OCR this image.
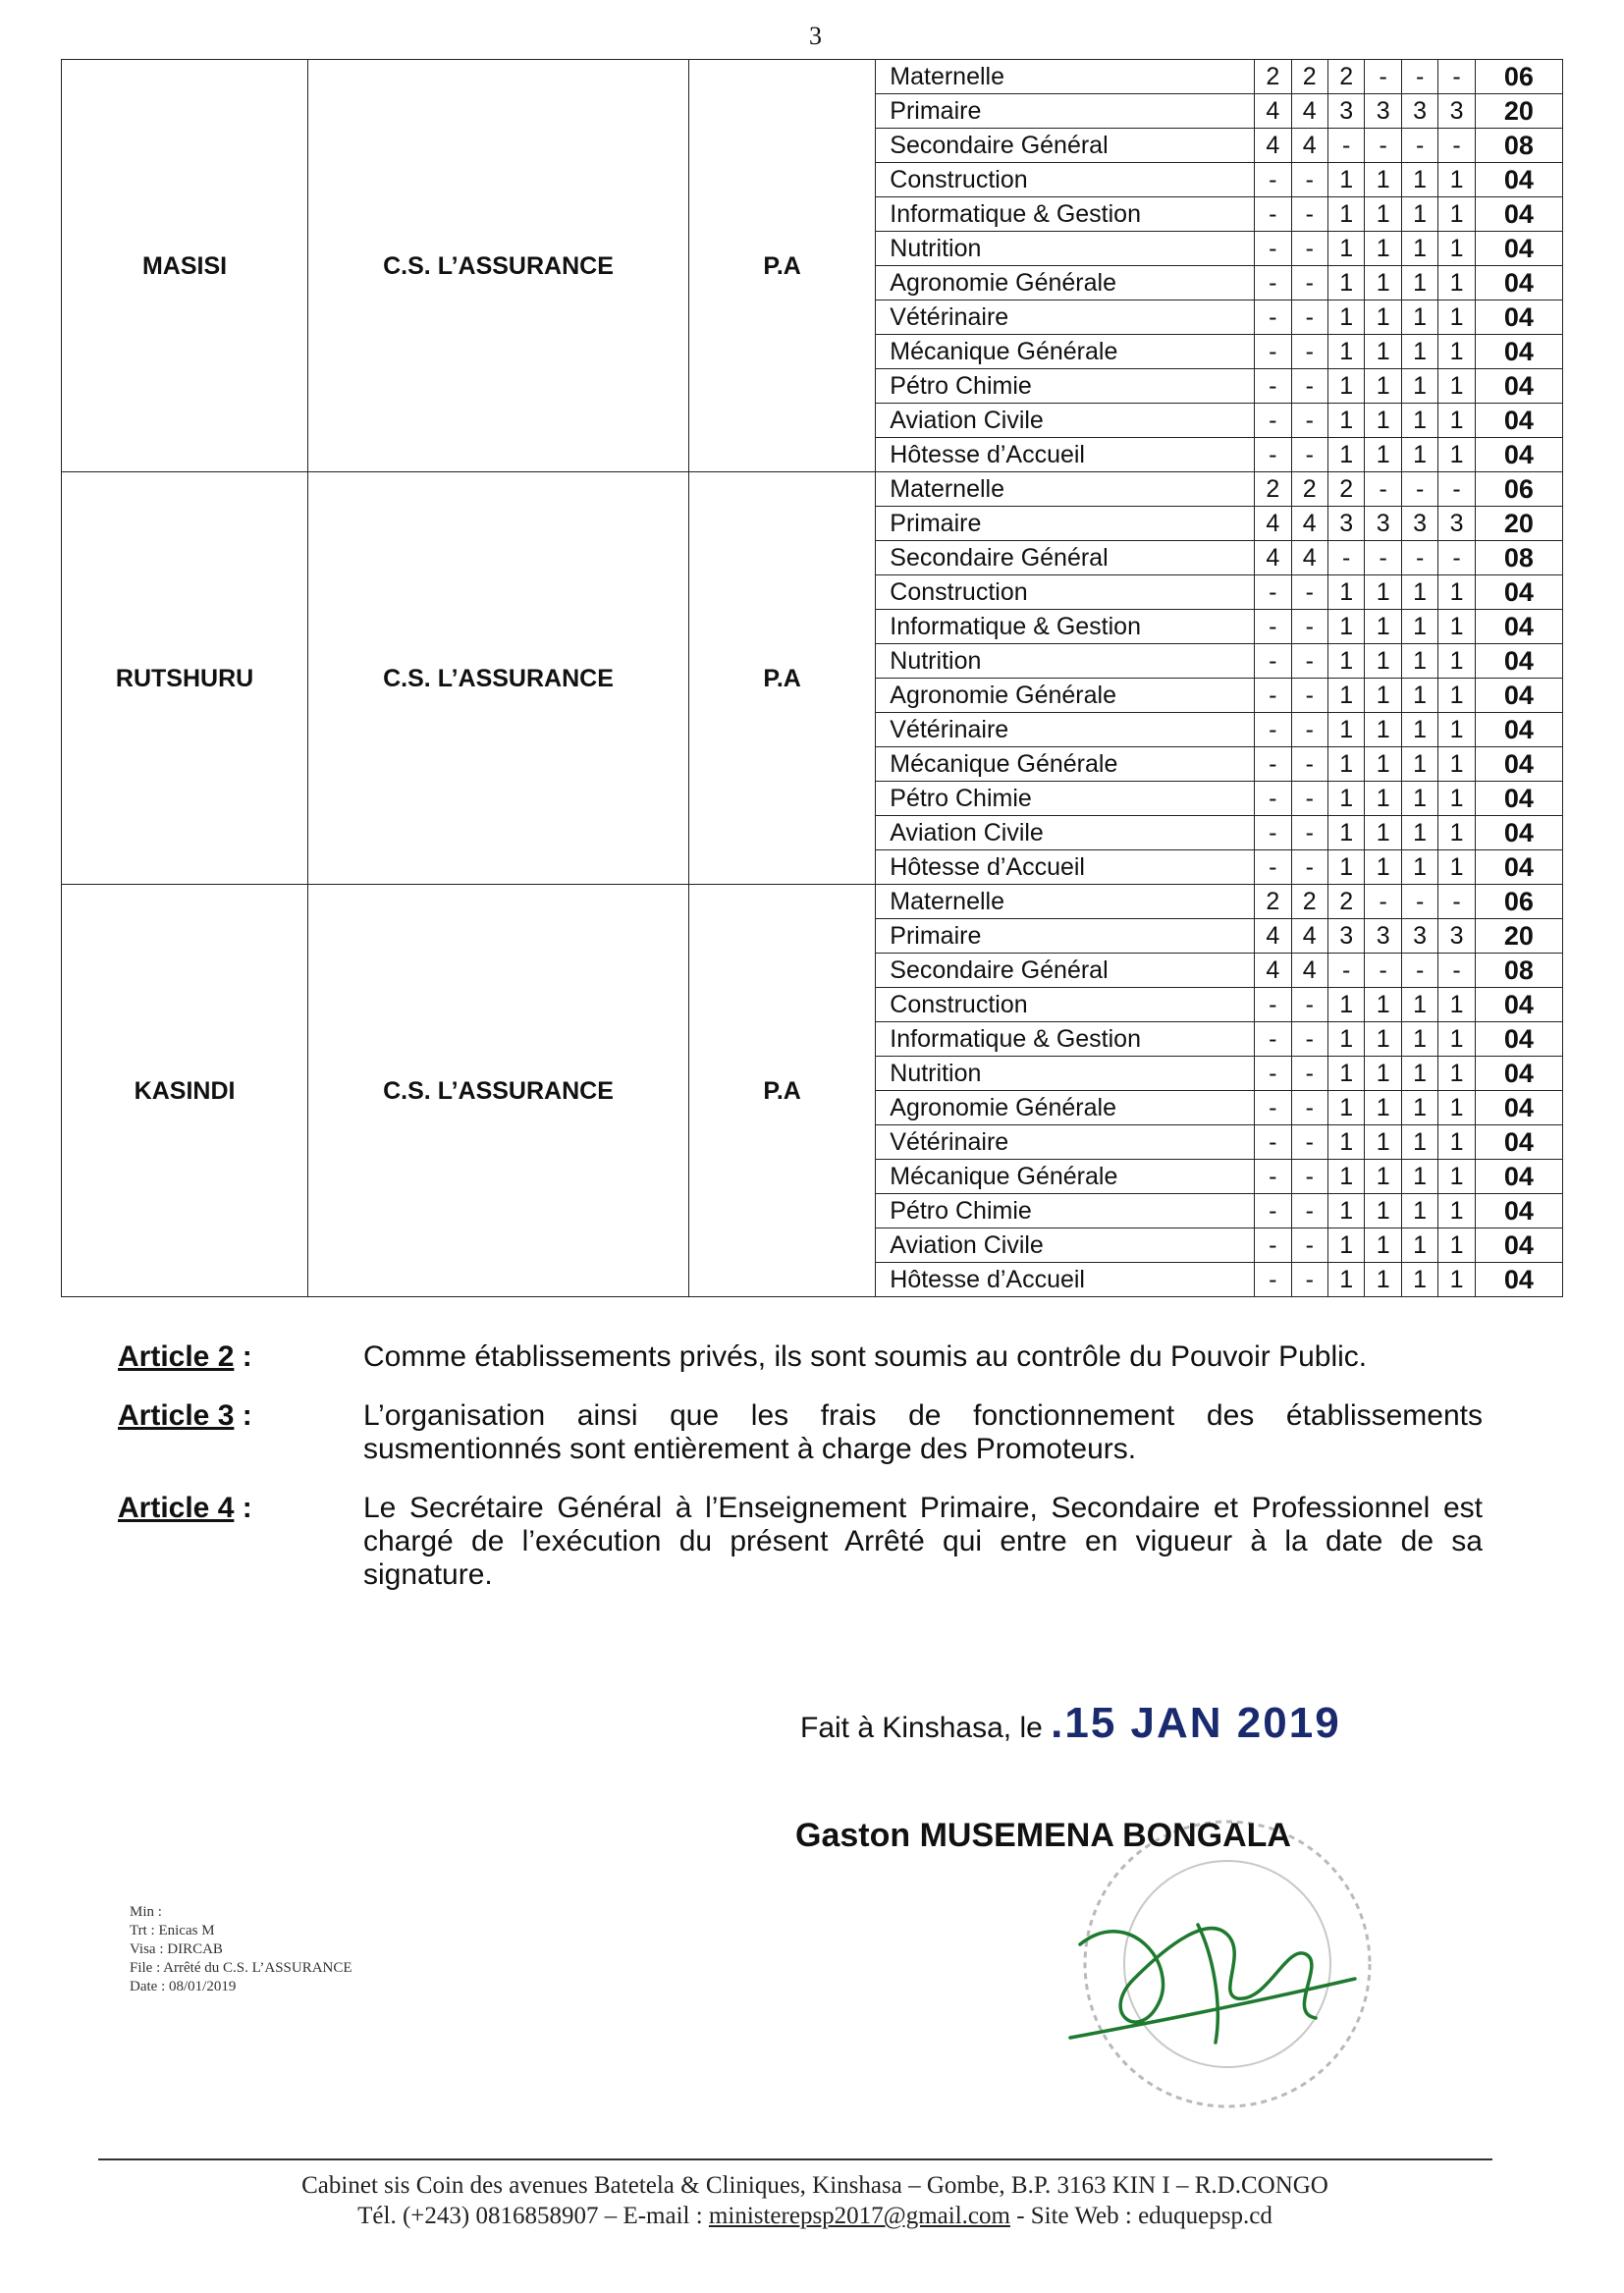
3
MASISI	C.S. L’ASSURANCE	P.A	Maternelle	2	2	2	-	-	-	06
			Primaire	4	4	3	3	3	3	20
			Secondaire Général	4	4	-	-	-	-	08
			Construction	-	-	1	1	1	1	04
			Informatique & Gestion	-	-	1	1	1	1	04
			Nutrition	-	-	1	1	1	1	04
			Agronomie Générale	-	-	1	1	1	1	04
			Vétérinaire	-	-	1	1	1	1	04
			Mécanique Générale	-	-	1	1	1	1	04
			Pétro Chimie	-	-	1	1	1	1	04
			Aviation Civile	-	-	1	1	1	1	04
			Hôtesse d’Accueil	-	-	1	1	1	1	04
RUTSHURU	C.S. L’ASSURANCE	P.A	Maternelle	2	2	2	-	-	-	06
			Primaire	4	4	3	3	3	3	20
			Secondaire Général	4	4	-	-	-	-	08
			Construction	-	-	1	1	1	1	04
			Informatique & Gestion	-	-	1	1	1	1	04
			Nutrition	-	-	1	1	1	1	04
			Agronomie Générale	-	-	1	1	1	1	04
			Vétérinaire	-	-	1	1	1	1	04
			Mécanique Générale	-	-	1	1	1	1	04
			Pétro Chimie	-	-	1	1	1	1	04
			Aviation Civile	-	-	1	1	1	1	04
			Hôtesse d’Accueil	-	-	1	1	1	1	04
KASINDI	C.S. L’ASSURANCE	P.A	Maternelle	2	2	2	-	-	-	06
			Primaire	4	4	3	3	3	3	20
			Secondaire Général	4	4	-	-	-	-	08
			Construction	-	-	1	1	1	1	04
			Informatique & Gestion	-	-	1	1	1	1	04
			Nutrition	-	-	1	1	1	1	04
			Agronomie Générale	-	-	1	1	1	1	04
			Vétérinaire	-	-	1	1	1	1	04
			Mécanique Générale	-	-	1	1	1	1	04
			Pétro Chimie	-	-	1	1	1	1	04
			Aviation Civile	-	-	1	1	1	1	04
			Hôtesse d’Accueil	-	-	1	1	1	1	04
Article 2 :	Comme établissements privés, ils sont soumis au contrôle du Pouvoir Public.
Article 3 :	L’organisation ainsi que les frais de fonctionnement des établissements susmentionnés sont entièrement à charge des Promoteurs.
Article 4 :	Le Secrétaire Général à l’Enseignement Primaire, Secondaire et Professionnel est chargé de l’exécution du présent Arrêté qui entre en vigueur à la date de sa signature.
Fait à Kinshasa, le .15 JAN 2019
Gaston MUSEMENA BONGALA
Min :
Trt : Enicas M
Visa : DIRCAB
File : Arrêté du C.S. L’ASSURANCE
Date : 08/01/2019
Cabinet sis Coin des avenues Batetela & Cliniques, Kinshasa – Gombe, B.P. 3163 KIN I – R.D.CONGO
Tél. (+243) 0816858907 – E-mail : ministerepsp2017@gmail.com - Site Web : eduquepsp.cd
